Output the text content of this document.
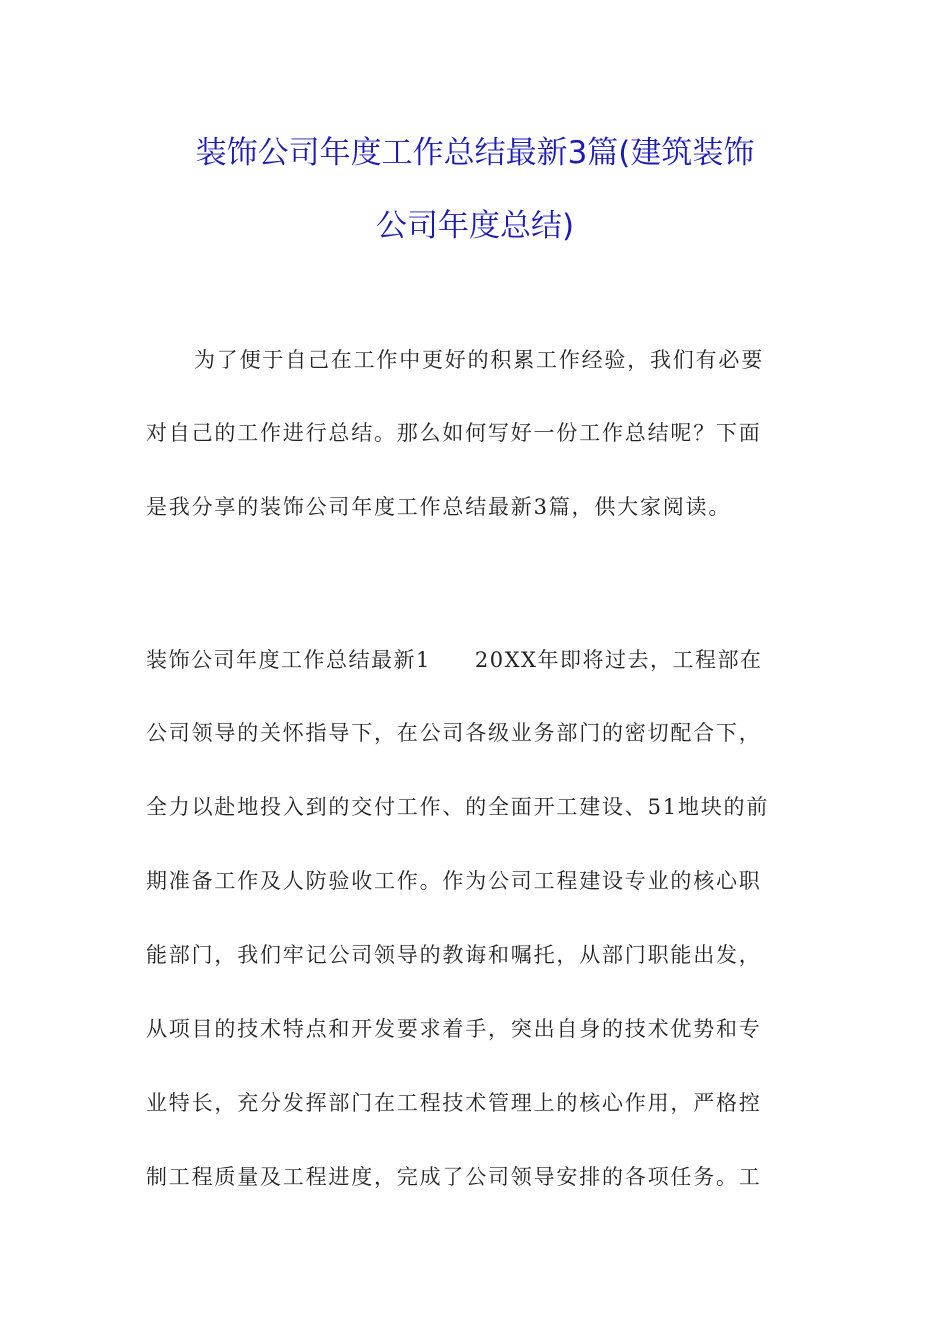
装饰公司年度工作总结最新3篇(建筑装饰
公司年度总结)
为了便于自己在工作中更好的积累工作经验，我们有必要
对自己的工作进行总结。那么如何写好一份工作总结呢？下面
是我分享的装饰公司年度工作总结最新3篇，供大家阅读。
装饰公司年度工作总结最新1 20XX年即将过去，工程部在
公司领导的关怀指导下，在公司各级业务部门的密切配合下，
全力以赴地投入到的交付工作、的全面开工建设、51地块的前
期准备工作及人防验收工作。作为公司工程建设专业的核心职
能部门，我们牢记公司领导的教诲和嘱托，从部门职能出发，
从项目的技术特点和开发要求着手，突出自身的技术优势和专
业特长，充分发挥部门在工程技术管理上的核心作用，严格控
制工程质量及工程进度，完成了公司领导安排的各项任务。工
